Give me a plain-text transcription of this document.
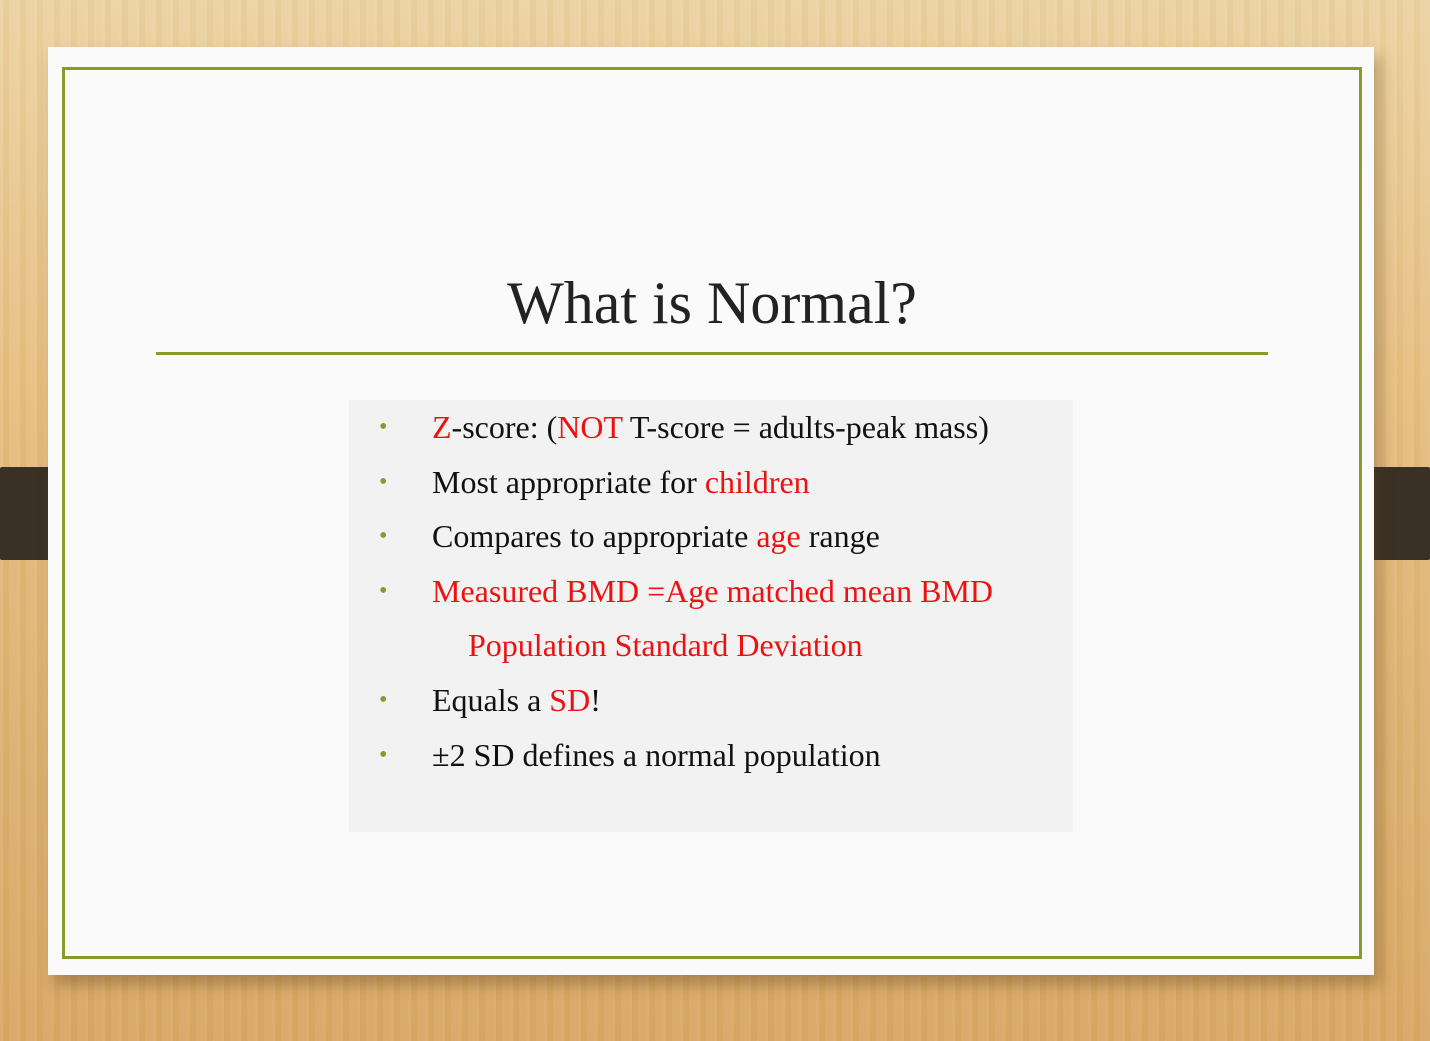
What is Normal?
• Z-score: (NOT T-score = adults-peak mass)
• Most appropriate for children
• Compares to appropriate age range
• Measured BMD =Age matched mean BMD
Population Standard Deviation
• Equals a SD!
• ±2 SD defines a normal population
